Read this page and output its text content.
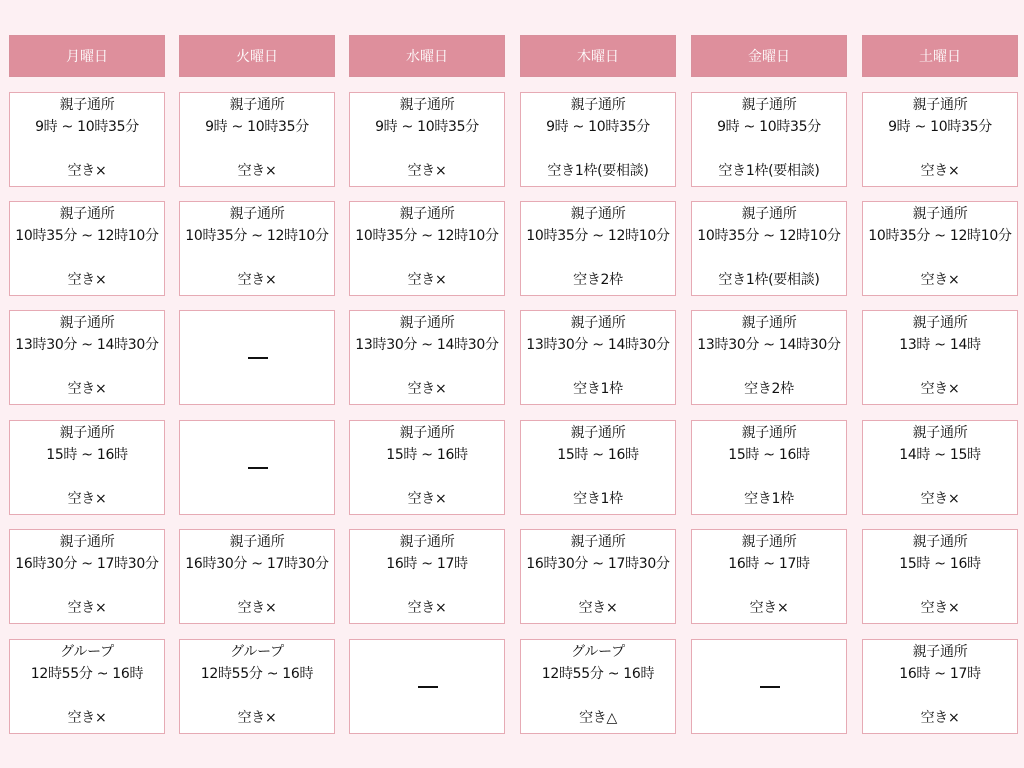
月曜日
親子通所
9時 ~ 10時35分
空き×
親子通所
10時35分 ~ 12時10分
空き×
親子通所
13時30分 ~ 14時30分
空き×
親子通所
15時 ~ 16時
空き×
親子通所
16時30分 ~ 17時30分
空き×
グループ
12時55分 ~ 16時
空き×
火曜日
親子通所
9時 ~ 10時35分
空き×
親子通所
10時35分 ~ 12時10分
空き×
親子通所
16時30分 ~ 17時30分
空き×
グループ
12時55分 ~ 16時
空き×
水曜日
親子通所
9時 ~ 10時35分
空き×
親子通所
10時35分 ~ 12時10分
空き×
親子通所
13時30分 ~ 14時30分
空き×
親子通所
15時 ~ 16時
空き×
親子通所
16時 ~ 17時
空き×
木曜日
親子通所
9時 ~ 10時35分
空き1枠(要相談)
親子通所
10時35分 ~ 12時10分
空き2枠
親子通所
13時30分 ~ 14時30分
空き1枠
親子通所
15時 ~ 16時
空き1枠
親子通所
16時30分 ~ 17時30分
空き×
グループ
12時55分 ~ 16時
空き△
金曜日
親子通所
9時 ~ 10時35分
空き1枠(要相談)
親子通所
10時35分 ~ 12時10分
空き1枠(要相談)
親子通所
13時30分 ~ 14時30分
空き2枠
親子通所
15時 ~ 16時
空き1枠
親子通所
16時 ~ 17時
空き×
土曜日
親子通所
9時 ~ 10時35分
空き×
親子通所
10時35分 ~ 12時10分
空き×
親子通所
13時 ~ 14時
空き×
親子通所
14時 ~ 15時
空き×
親子通所
15時 ~ 16時
空き×
親子通所
16時 ~ 17時
空き×
